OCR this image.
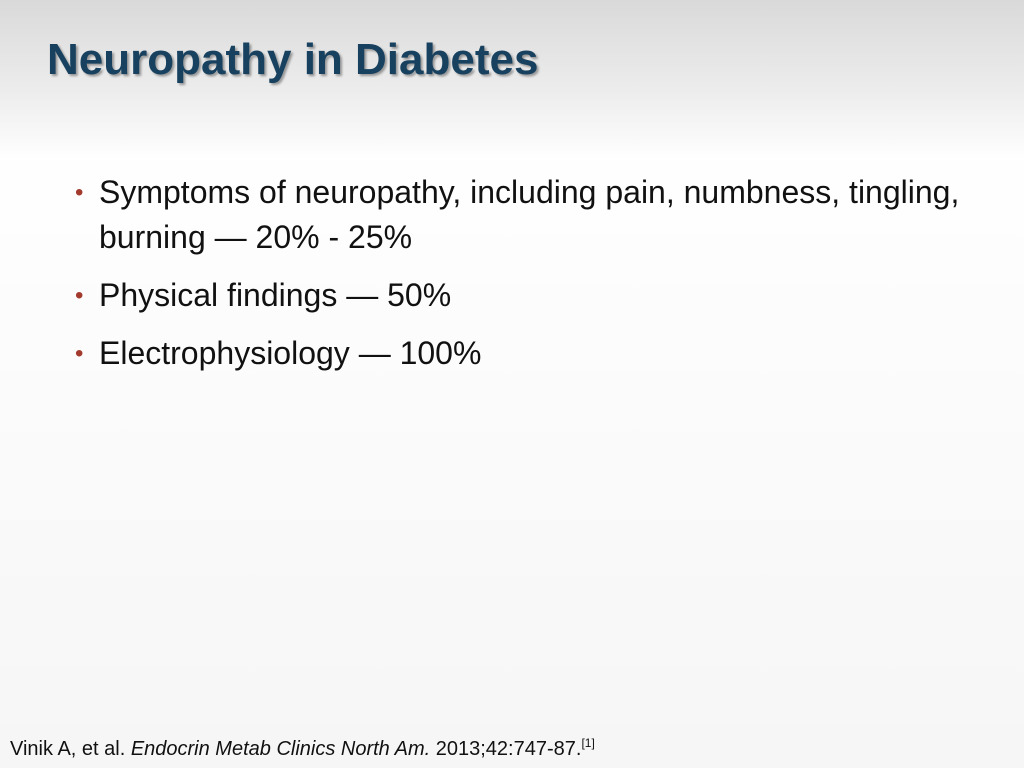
Neuropathy in Diabetes
• Symptoms of neuropathy, including pain, numbness, tingling, burning — 20% - 25%
• Physical findings — 50%
• Electrophysiology — 100%
Vinik A, et al. Endocrin Metab Clinics North Am. 2013;42:747-87.[1]
